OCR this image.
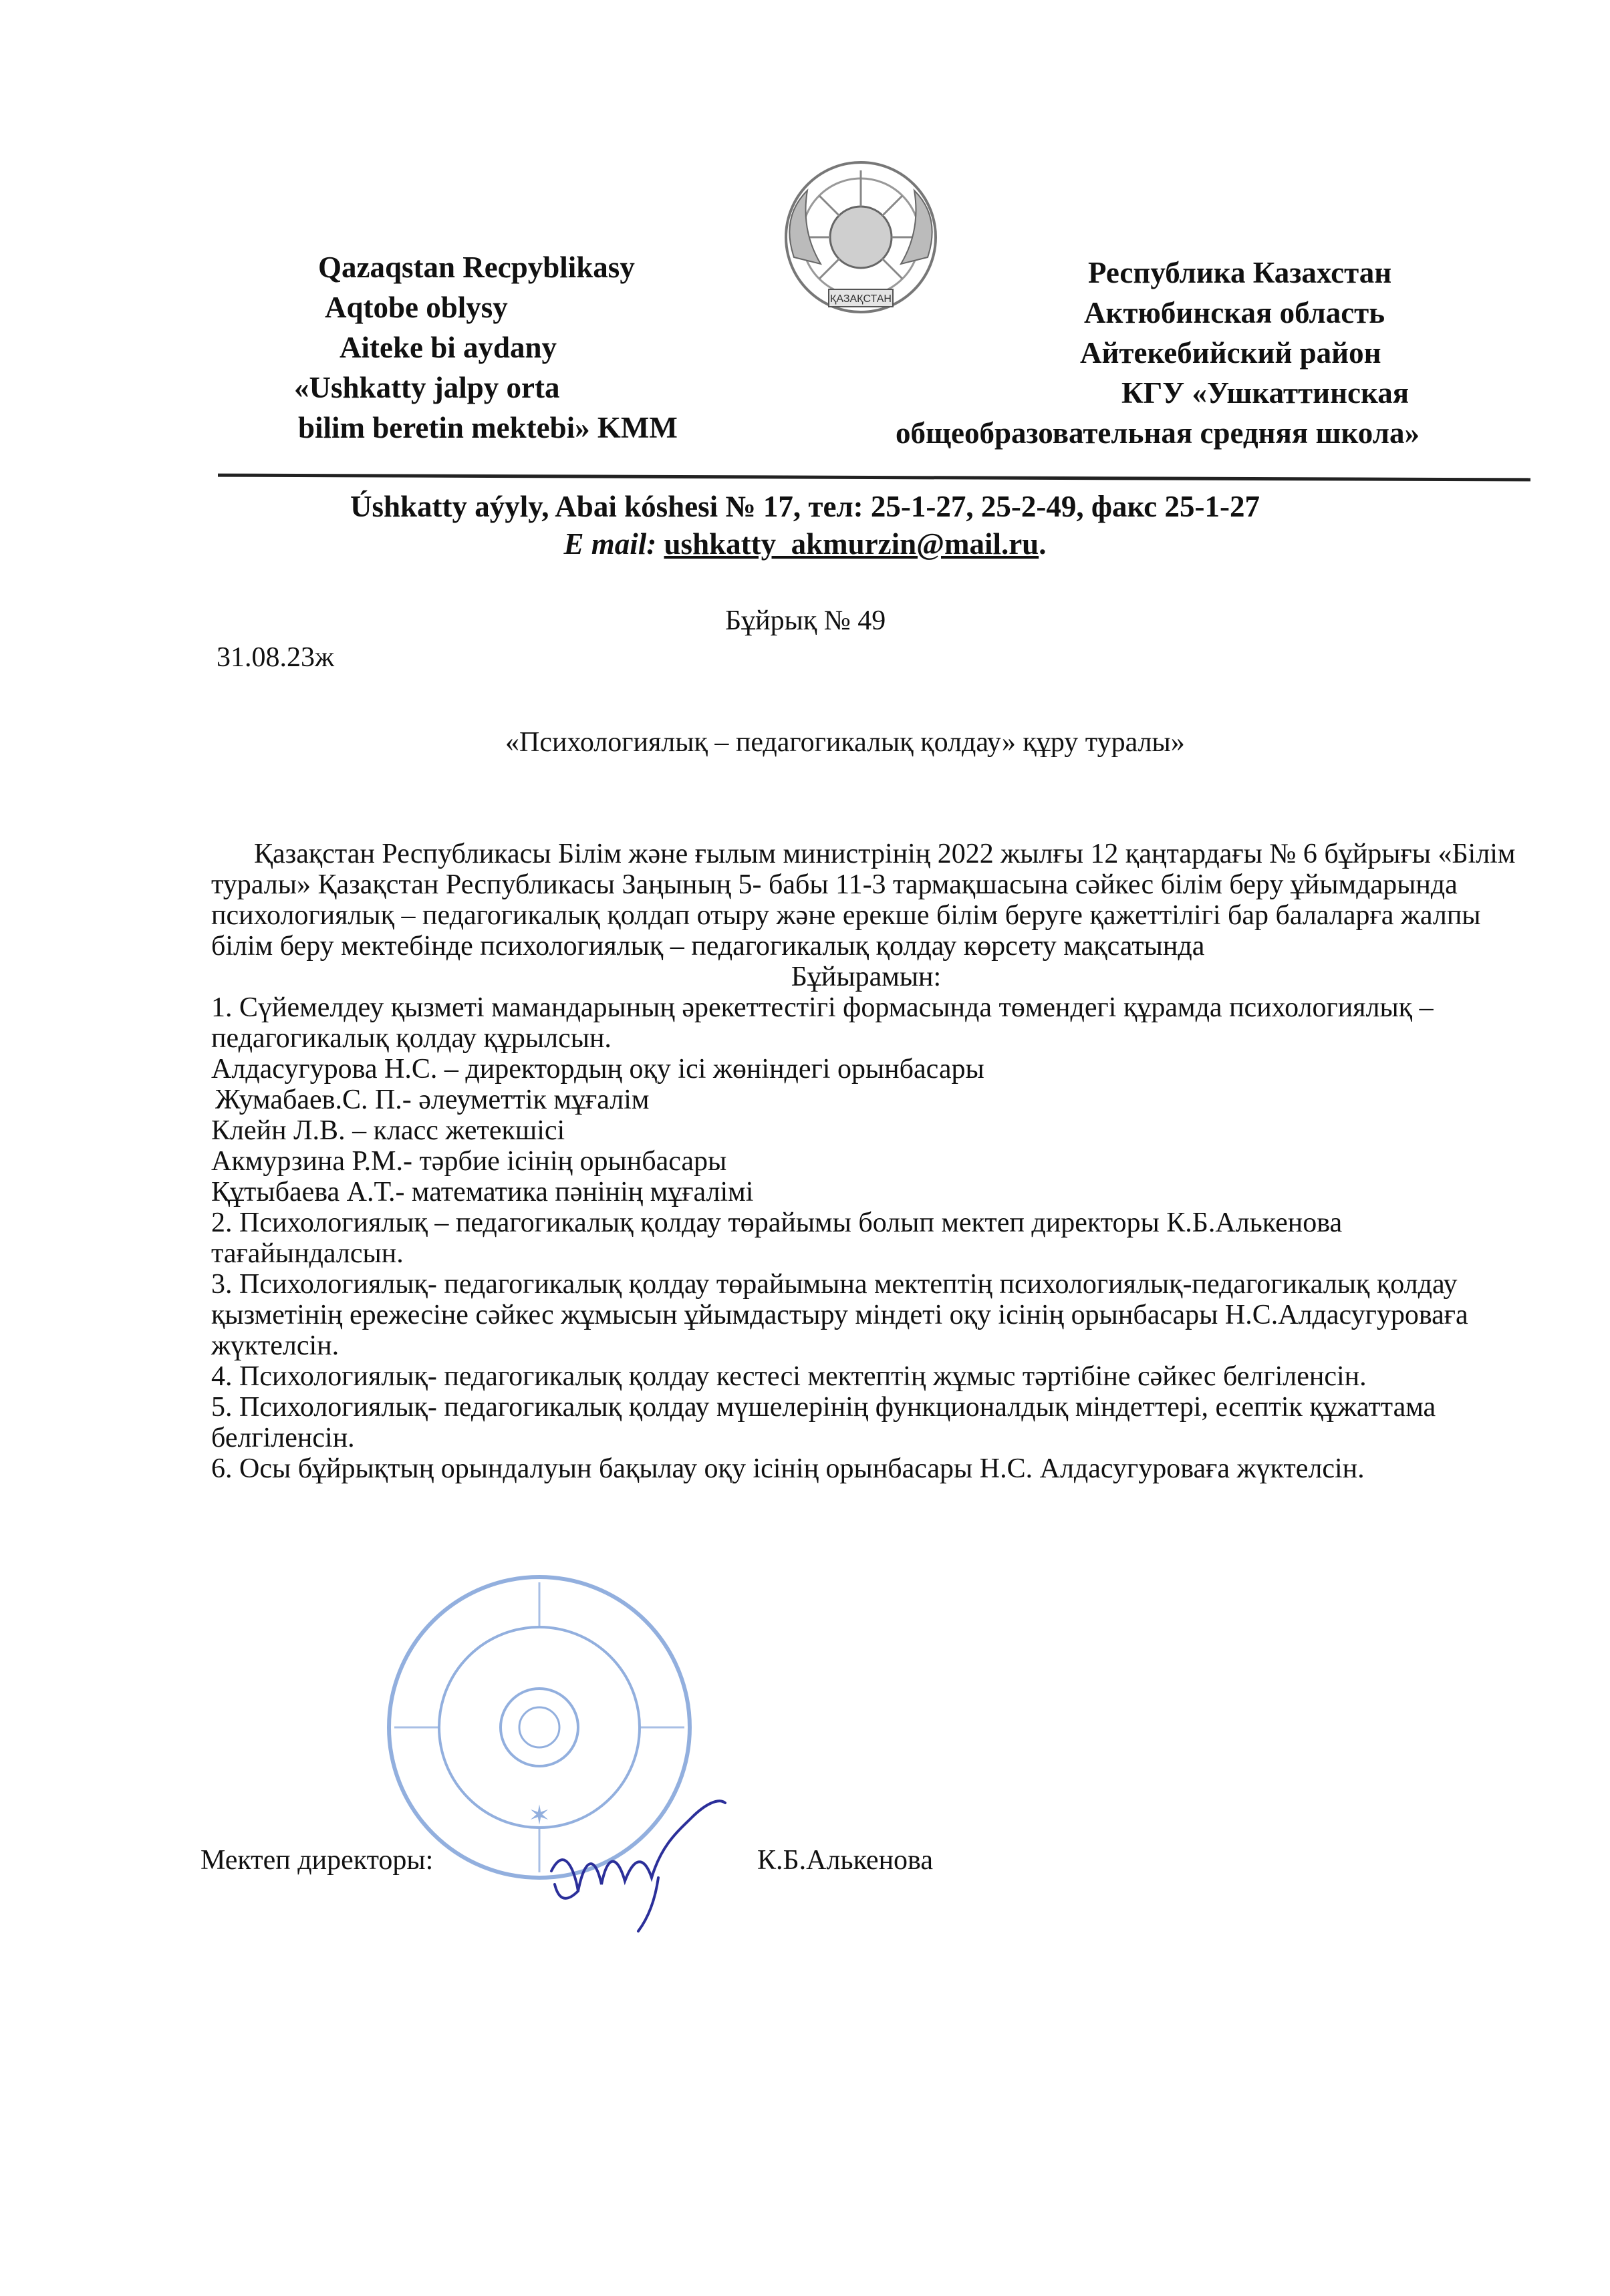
ҚАЗАҚСТАН
Qazaqstan Recpyblikasy
Aqtobe oblysy
Aiteke bi aydany
«Ushkatty jalpy orta
bilim beretin mektebi» KMM
Республика Казахстан
Актюбинская область
Айтекебийский район
КГУ «Ушкаттинская
общеобразовательная средняя школа»
Úshkatty aýyly, Abai kóshesi № 17, тел: 25-1-27, 25-2-49, факс 25-1-27
E mail: ushkatty_akmurzin@mail.ru.
Бұйрық № 49
31.08.23ж
«Психологиялық – педагогикалық қолдау» құру туралы»

Қазақстан Республикасы Білім және ғылым министрінің 2022 жылғы 12 қаңтардағы № 6 бұйрығы «Білім туралы» Қазақстан Республикасы Заңының 5- бабы 11-3 тармақшасына сәйкес білім беру ұйымдарында психологиялық – педагогикалық қолдап отыру және ерекше білім беруге қажеттілігі бар балаларға жалпы білім беру мектебінде психологиялық – педагогикалық қолдау көрсету мақсатында

Бұйырамын:

1. Сүйемелдеу қызметі мамандарының әрекеттестігі формасында төмендегі құрамда психологиялық – педагогикалық қолдау құрылсын.

Алдасугурова Н.С. – директордың оқу ісі жөніндегі орынбасары

Жумабаев.С. П.- әлеуметтік мұғалім

Клейн Л.В. – класс жетекшісі

Акмурзина Р.М.- тәрбие ісінің орынбасары

Құтыбаева А.Т.- математика пәнінің мұғалімі

2. Психологиялық – педагогикалық қолдау төрайымы болып мектеп директоры К.Б.Алькенова тағайындалсын.

3. Психологиялық- педагогикалық қолдау төрайымына мектептің психологиялық-педагогикалық қолдау қызметінің ережесіне сәйкес жұмысын ұйымдастыру міндеті оқу ісінің орынбасары Н.С.Алдасугуроваға жүктелсін.

4. Психологиялық- педагогикалық қолдау кестесі мектептің жұмыс тәртібіне сәйкес белгіленсін.

5. Психологиялық- педагогикалық қолдау мүшелерінің функционалдық міндеттері, есептік құжаттама белгіленсін.

6. Осы бұйрықтың орындалуын бақылау оқу ісінің орынбасары Н.С. Алдасугуроваға жүктелсін.

✶
Мектеп директоры:	К.Б.Алькенова
